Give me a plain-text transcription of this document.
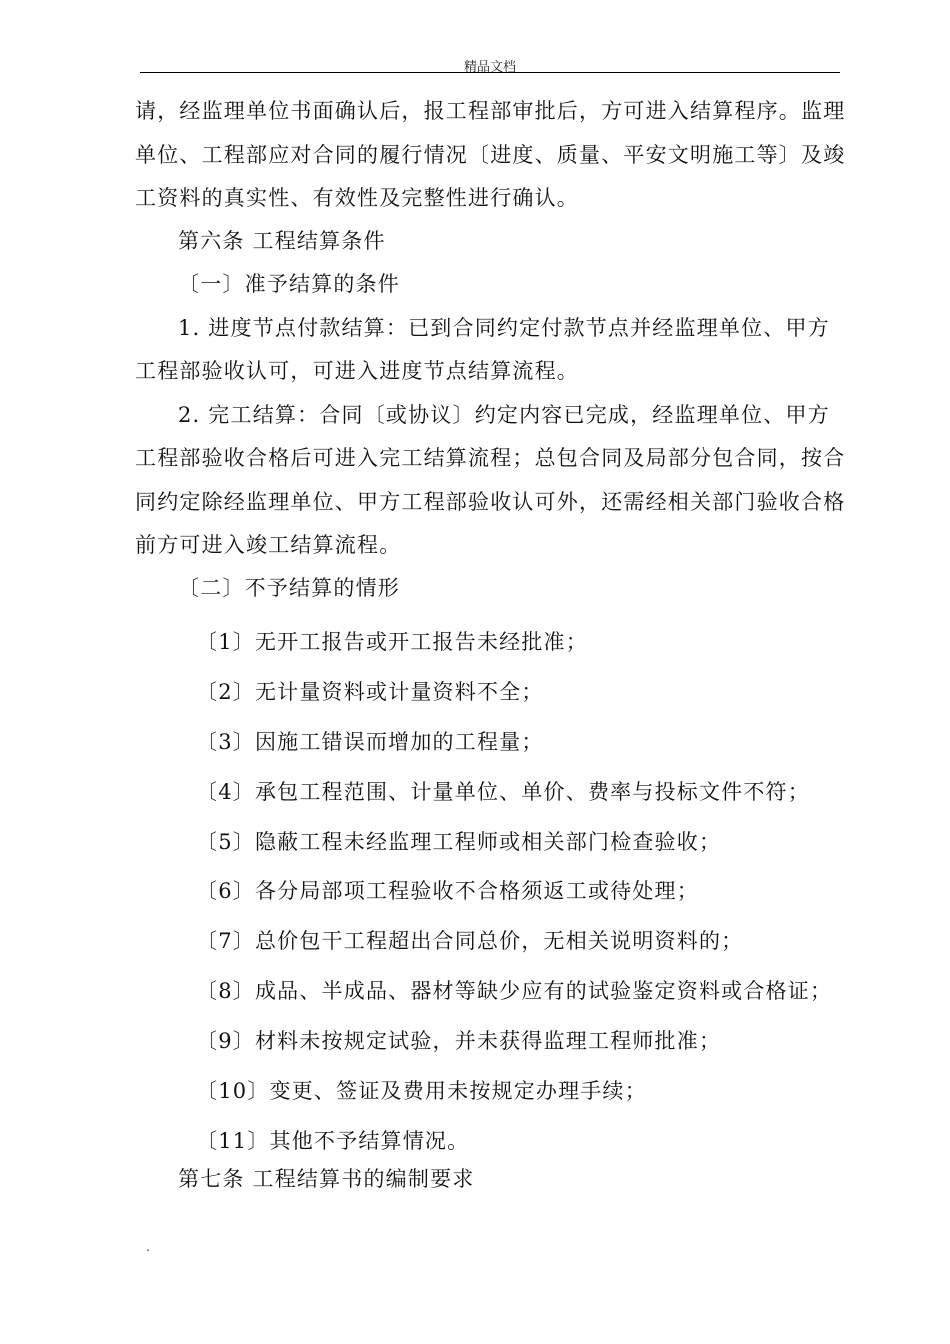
精品文档
请，经监理单位书面确认后，报工程部审批后，方可进入结算程序。监理
单位、工程部应对合同的履行情况〔进度、质量、平安文明施工等〕及竣
工资料的真实性、有效性及完整性进行确认。
第六条 工程结算条件
〔一〕准予结算的条件
1. 进度节点付款结算：已到合同约定付款节点并经监理单位、甲方
工程部验收认可，可进入进度节点结算流程。
2. 完工结算：合同〔或协议〕约定内容已完成，经监理单位、甲方
工程部验收合格后可进入完工结算流程；总包合同及局部分包合同，按合
同约定除经监理单位、甲方工程部验收认可外，还需经相关部门验收合格
前方可进入竣工结算流程。
〔二〕不予结算的情形
〔1〕无开工报告或开工报告未经批准；
〔2〕无计量资料或计量资料不全；
〔3〕因施工错误而增加的工程量；
〔4〕承包工程范围、计量单位、单价、费率与投标文件不符；
〔5〕隐蔽工程未经监理工程师或相关部门检查验收；
〔6〕各分局部项工程验收不合格须返工或待处理；
〔7〕总价包干工程超出合同总价，无相关说明资料的；
〔8〕成品、半成品、器材等缺少应有的试验鉴定资料或合格证；
〔9〕材料未按规定试验，并未获得监理工程师批准；
〔10〕变更、签证及费用未按规定办理手续；
〔11〕其他不予结算情况。
第七条 工程结算书的编制要求
.
